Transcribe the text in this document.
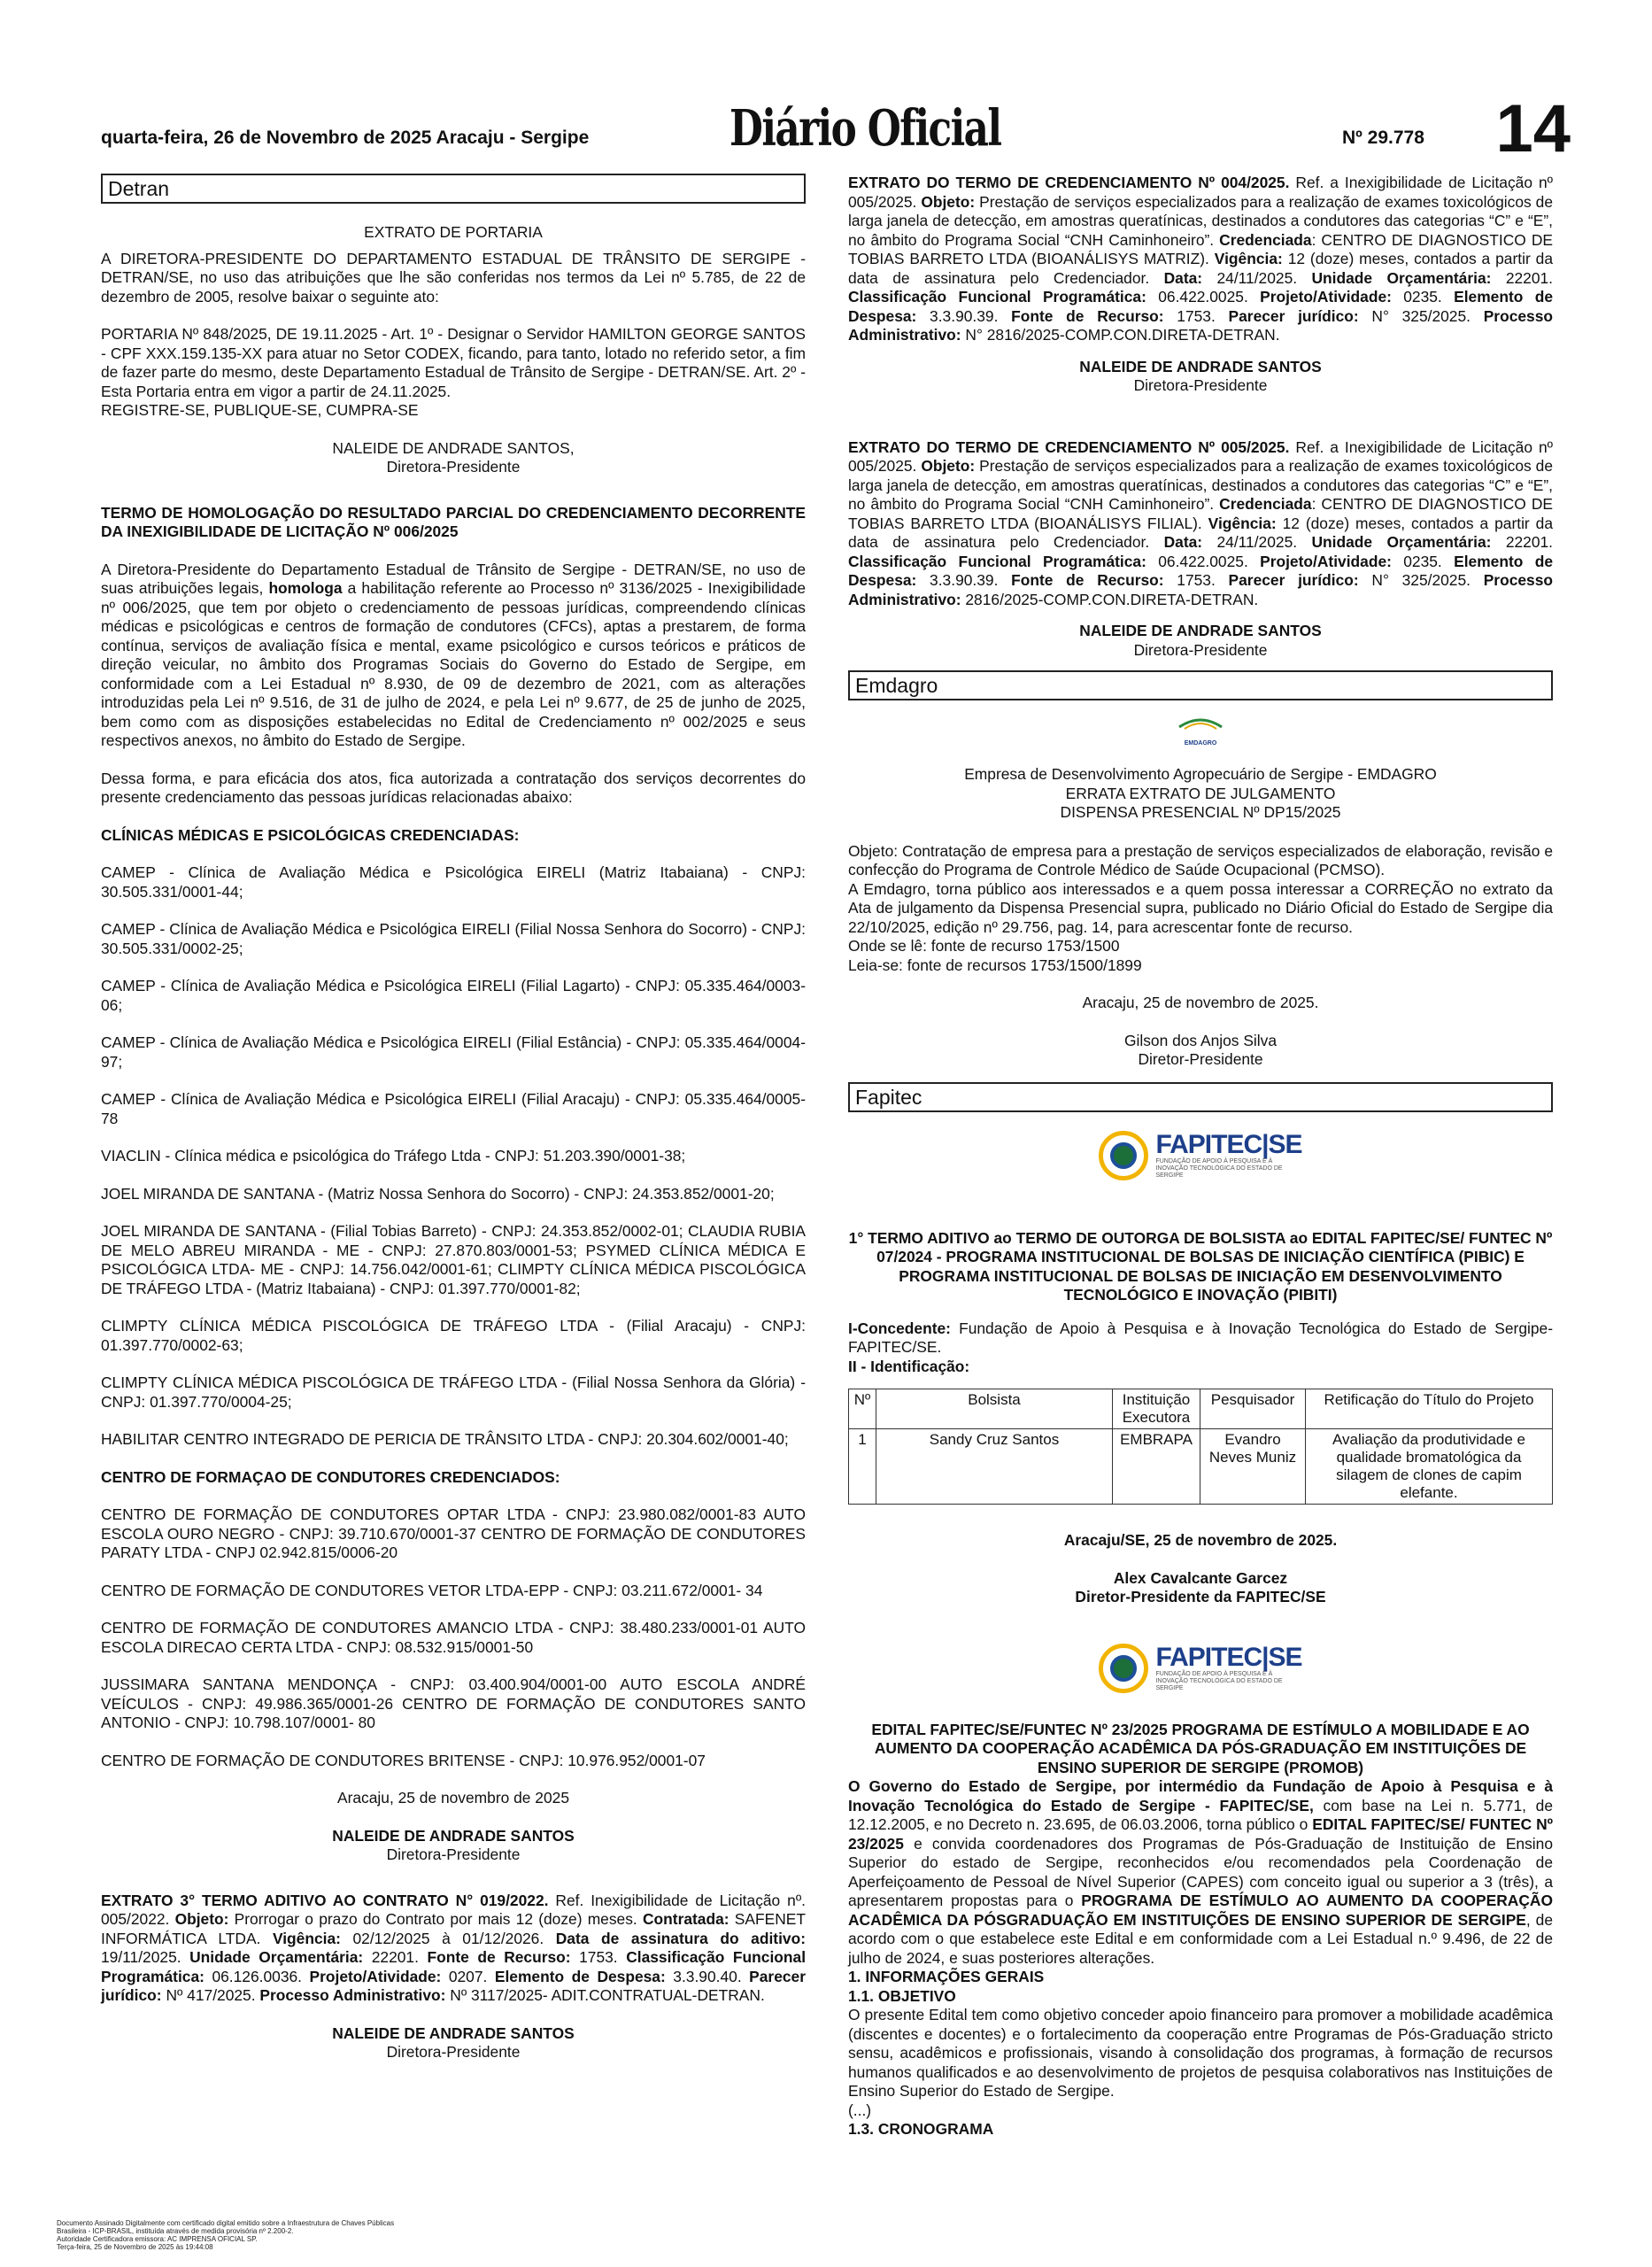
quarta-feira, 26 de Novembro de 2025 Aracaju - Sergipe	Diário Oficial	Nº 29.778 14
Detran

EXTRATO DE PORTARIA

A DIRETORA-PRESIDENTE DO DEPARTAMENTO ESTADUAL DE TRÂNSITO DE SERGIPE - DETRAN/SE, no uso das atribuições que lhe são conferidas nos termos da Lei nº 5.785, de 22 de dezembro de 2005, resolve baixar o seguinte ato:

PORTARIA Nº 848/2025, DE 19.11.2025 - Art. 1º - Designar o Servidor HAMILTON GEORGE SANTOS - CPF XXX.159.135-XX para atuar no Setor CODEX, ficando, para tanto, lotado no referido setor, a fim de fazer parte do mesmo, deste Departamento Estadual de Trânsito de Sergipe - DETRAN/SE. Art. 2º - Esta Portaria entra em vigor a partir de 24.11.2025.

REGISTRE-SE, PUBLIQUE-SE, CUMPRA-SE

NALEIDE DE ANDRADE SANTOS,
Diretora-Presidente

TERMO DE HOMOLOGAÇÃO DO RESULTADO PARCIAL DO CREDENCIAMENTO DECORRENTE DA INEXIGIBILIDADE DE LICITAÇÃO Nº 006/2025

A Diretora-Presidente do Departamento Estadual de Trânsito de Sergipe - DETRAN/SE, no uso de suas atribuições legais, homologa a habilitação referente ao Processo nº 3136/2025 - Inexigibilidade nº 006/2025, que tem por objeto o credenciamento de pessoas jurídicas, compreendendo clínicas médicas e psicológicas e centros de formação de condutores (CFCs), aptas a prestarem, de forma contínua, serviços de avaliação física e mental, exame psicológico e cursos teóricos e práticos de direção veicular, no âmbito dos Programas Sociais do Governo do Estado de Sergipe, em conformidade com a Lei Estadual nº 8.930, de 09 de dezembro de 2021, com as alterações introduzidas pela Lei nº 9.516, de 31 de julho de 2024, e pela Lei nº 9.677, de 25 de junho de 2025, bem como com as disposições estabelecidas no Edital de Credenciamento nº 002/2025 e seus respectivos anexos, no âmbito do Estado de Sergipe.

Dessa forma, e para eficácia dos atos, fica autorizada a contratação dos serviços decorrentes do presente credenciamento das pessoas jurídicas relacionadas abaixo:

CLÍNICAS MÉDICAS E PSICOLÓGICAS CREDENCIADAS:

CAMEP - Clínica de Avaliação Médica e Psicológica EIRELI (Matriz Itabaiana) - CNPJ: 30.505.331/0001-44;

CAMEP - Clínica de Avaliação Médica e Psicológica EIRELI (Filial Nossa Senhora do Socorro) - CNPJ: 30.505.331/0002-25;

CAMEP - Clínica de Avaliação Médica e Psicológica EIRELI (Filial Lagarto) - CNPJ: 05.335.464/0003-06;

CAMEP - Clínica de Avaliação Médica e Psicológica EIRELI (Filial Estância) - CNPJ: 05.335.464/0004-97;

CAMEP - Clínica de Avaliação Médica e Psicológica EIRELI (Filial Aracaju) - CNPJ: 05.335.464/0005-78

VIACLIN - Clínica médica e psicológica do Tráfego Ltda - CNPJ: 51.203.390/0001-38;

JOEL MIRANDA DE SANTANA - (Matriz Nossa Senhora do Socorro) - CNPJ: 24.353.852/0001-20;

JOEL MIRANDA DE SANTANA - (Filial Tobias Barreto) - CNPJ: 24.353.852/0002-01; CLAUDIA RUBIA DE MELO ABREU MIRANDA - ME - CNPJ: 27.870.803/0001-53; PSYMED CLÍNICA MÉDICA E PSICOLÓGICA LTDA- ME - CNPJ: 14.756.042/0001-61; CLIMPTY CLÍNICA MÉDICA PISCOLÓGICA DE TRÁFEGO LTDA - (Matriz Itabaiana) - CNPJ: 01.397.770/0001-82;

CLIMPTY CLÍNICA MÉDICA PISCOLÓGICA DE TRÁFEGO LTDA - (Filial Aracaju) - CNPJ: 01.397.770/0002-63;

CLIMPTY CLÍNICA MÉDICA PISCOLÓGICA DE TRÁFEGO LTDA - (Filial Nossa Senhora da Glória) - CNPJ: 01.397.770/0004-25;

HABILITAR CENTRO INTEGRADO DE PERICIA DE TRÂNSITO LTDA - CNPJ: 20.304.602/0001-40;

CENTRO DE FORMAÇAO DE CONDUTORES CREDENCIADOS:

CENTRO DE FORMAÇÃO DE CONDUTORES OPTAR LTDA - CNPJ: 23.980.082/0001-83 AUTO ESCOLA OURO NEGRO - CNPJ: 39.710.670/0001-37 CENTRO DE FORMAÇÃO DE CONDUTORES PARATY LTDA - CNPJ 02.942.815/0006-20

CENTRO DE FORMAÇÃO DE CONDUTORES VETOR LTDA-EPP - CNPJ: 03.211.672/0001- 34

CENTRO DE FORMAÇÃO DE CONDUTORES AMANCIO LTDA - CNPJ: 38.480.233/0001-01 AUTO ESCOLA DIRECAO CERTA LTDA - CNPJ: 08.532.915/0001-50

JUSSIMARA SANTANA MENDONÇA - CNPJ: 03.400.904/0001-00 AUTO ESCOLA ANDRÉ VEÍCULOS - CNPJ: 49.986.365/0001-26 CENTRO DE FORMAÇÃO DE CONDUTORES SANTO ANTONIO - CNPJ: 10.798.107/0001- 80

CENTRO DE FORMAÇÃO DE CONDUTORES BRITENSE - CNPJ: 10.976.952/0001-07

Aracaju, 25 de novembro de 2025

NALEIDE DE ANDRADE SANTOS
Diretora-Presidente

EXTRATO 3° TERMO ADITIVO AO CONTRATO N° 019/2022. Ref. Inexigibilidade de Licitação nº. 005/2022. Objeto: Prorrogar o prazo do Contrato por mais 12 (doze) meses. Contratada: SAFENET INFORMÁTICA LTDA. Vigência: 02/12/2025 à 01/12/2026. Data de assinatura do aditivo: 19/11/2025. Unidade Orçamentária: 22201. Fonte de Recurso: 1753. Classificação Funcional Programática: 06.126.0036. Projeto/Atividade: 0207. Elemento de Despesa: 3.3.90.40. Parecer jurídico: Nº 417/2025. Processo Administrativo: Nº 3117/2025- ADIT.CONTRATUAL-DETRAN.

NALEIDE DE ANDRADE SANTOS
Diretora-Presidente

EXTRATO DO TERMO DE CREDENCIAMENTO Nº 004/2025. Ref. a Inexigibilidade de Licitação nº 005/2025. Objeto: Prestação de serviços especializados para a realização de exames toxicológicos de larga janela de detecção, em amostras queratínicas, destinados a condutores das categorias “C” e “E”, no âmbito do Programa Social “CNH Caminhoneiro”. Credenciada: CENTRO DE DIAGNOSTICO DE TOBIAS BARRETO LTDA (BIOANÁLISYS MATRIZ). Vigência: 12 (doze) meses, contados a partir da data de assinatura pelo Credenciador. Data: 24/11/2025. Unidade Orçamentária: 22201. Classificação Funcional Programática: 06.422.0025. Projeto/Atividade: 0235. Elemento de Despesa: 3.3.90.39. Fonte de Recurso: 1753. Parecer jurídico: N° 325/2025. Processo Administrativo: N° 2816/2025-COMP.CON.DIRETA-DETRAN.

NALEIDE DE ANDRADE SANTOS
Diretora-Presidente

EXTRATO DO TERMO DE CREDENCIAMENTO Nº 005/2025. Ref. a Inexigibilidade de Licitação nº 005/2025. Objeto: Prestação de serviços especializados para a realização de exames toxicológicos de larga janela de detecção, em amostras queratínicas, destinados a condutores das categorias “C” e “E”, no âmbito do Programa Social “CNH Caminhoneiro”. Credenciada: CENTRO DE DIAGNOSTICO DE TOBIAS BARRETO LTDA (BIOANÁLISYS FILIAL). Vigência: 12 (doze) meses, contados a partir da data de assinatura pelo Credenciador. Data: 24/11/2025. Unidade Orçamentária: 22201. Classificação Funcional Programática: 06.422.0025. Projeto/Atividade: 0235. Elemento de Despesa: 3.3.90.39. Fonte de Recurso: 1753. Parecer jurídico: N° 325/2025. Processo Administrativo: 2816/2025-COMP.CON.DIRETA-DETRAN.

NALEIDE DE ANDRADE SANTOS
Diretora-Presidente
Emdagro
EMDAGRO
Empresa de Desenvolvimento Agropecuário de Sergipe - EMDAGRO
ERRATA EXTRATO DE JULGAMENTO
DISPENSA PRESENCIAL Nº DP15/2025

Objeto: Contratação de empresa para a prestação de serviços especializados de elaboração, revisão e confecção do Programa de Controle Médico de Saúde Ocupacional (PCMSO).

A Emdagro, torna público aos interessados e a quem possa interessar a CORREÇÃO no extrato da Ata de julgamento da Dispensa Presencial supra, publicado no Diário Oficial do Estado de Sergipe dia 22/10/2025, edição nº 29.756, pag. 14, para acrescentar fonte de recurso.

Onde se lê: fonte de recurso 1753/1500

Leia-se: fonte de recursos 1753/1500/1899

Aracaju, 25 de novembro de 2025.

Gilson dos Anjos Silva
Diretor-Presidente
Fapitec
FAPITEC|SE
FUNDAÇÃO DE APOIO À PESQUISA E À INOVAÇÃO TECNOLÓGICA DO ESTADO DE SERGIPE

1° TERMO ADITIVO ao TERMO DE OUTORGA DE BOLSISTA ao EDITAL FAPITEC/SE/ FUNTEC Nº 07/2024 - PROGRAMA INSTITUCIONAL DE BOLSAS DE INICIAÇÃO CIENTÍFICA (PIBIC) E PROGRAMA INSTITUCIONAL DE BOLSAS DE INICIAÇÃO EM DESENVOLVIMENTO TECNOLÓGICO E INOVAÇÃO (PIBITI)

I-Concedente: Fundação de Apoio à Pesquisa e à Inovação Tecnológica do Estado de Sergipe- FAPITEC/SE.
II - Identificação:
Nº	Bolsista	Instituição Executora	Pesquisador	Retificação do Título do Projeto
1	Sandy Cruz Santos	EMBRAPA	Evandro Neves Muniz	Avaliação da produtividade e qualidade bromatológica da silagem de clones de capim elefante.

Aracaju/SE, 25 de novembro de 2025.

Alex Cavalcante Garcez
Diretor-Presidente da FAPITEC/SE
FAPITEC|SE
FUNDAÇÃO DE APOIO À PESQUISA E À INOVAÇÃO TECNOLÓGICA DO ESTADO DE SERGIPE

EDITAL FAPITEC/SE/FUNTEC Nº 23/2025 PROGRAMA DE ESTÍMULO A MOBILIDADE E AO AUMENTO DA COOPERAÇÃO ACADÊMICA DA PÓS-GRADUAÇÃO EM INSTITUIÇÕES DE ENSINO SUPERIOR DE SERGIPE (PROMOB)

O Governo do Estado de Sergipe, por intermédio da Fundação de Apoio à Pesquisa e à Inovação Tecnológica do Estado de Sergipe - FAPITEC/SE, com base na Lei n. 5.771, de 12.12.2005, e no Decreto n. 23.695, de 06.03.2006, torna público o EDITAL FAPITEC/SE/ FUNTEC Nº 23/2025 e convida coordenadores dos Programas de Pós-Graduação de Instituição de Ensino Superior do estado de Sergipe, reconhecidos e/ou recomendados pela Coordenação de Aperfeiçoamento de Pessoal de Nível Superior (CAPES) com conceito igual ou superior a 3 (três), a apresentarem propostas para o PROGRAMA DE ESTÍMULO AO AUMENTO DA COOPERAÇÃO ACADÊMICA DA PÓSGRADUAÇÃO EM INSTITUIÇÕES DE ENSINO SUPERIOR DE SERGIPE, de acordo com o que estabelece este Edital e em conformidade com a Lei Estadual n.º 9.496, de 22 de julho de 2024, e suas posteriores alterações.
1. INFORMAÇÕES GERAIS
1.1. OBJETIVO
O presente Edital tem como objetivo conceder apoio financeiro para promover a mobilidade acadêmica (discentes e docentes) e o fortalecimento da cooperação entre Programas de Pós-Graduação stricto sensu, acadêmicos e profissionais, visando à consolidação dos programas, à formação de recursos humanos qualificados e ao desenvolvimento de projetos de pesquisa colaborativos nas Instituições de Ensino Superior do Estado de Sergipe.
(...)
1.3. CRONOGRAMA
Documento Assinado Digitalmente com certificado digital emitido sobre a Infraestrutura de Chaves Públicas
Brasileira - ICP-BRASIL, instituída através de medida provisória nº 2.200-2.
Autoridade Certificadora emissora: AC IMPRENSA OFICIAL SP.
Terça-feira, 25 de Novembro de 2025 às 19:44:08
